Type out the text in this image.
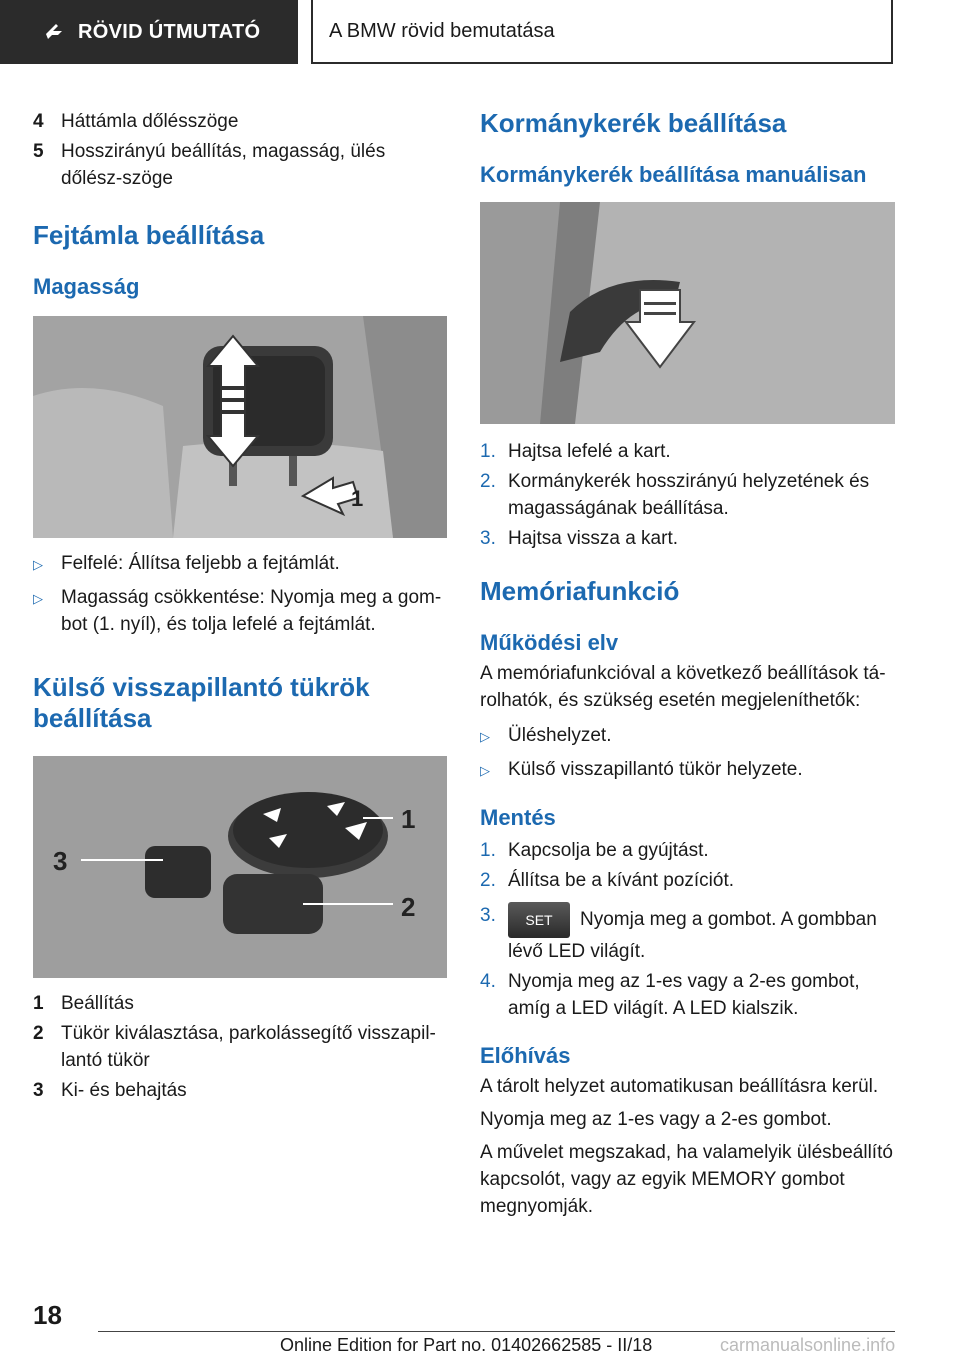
RÖVID ÚTMUTATÓ	A BMW rövid bemutatása
4 Háttámla dőlésszöge
5 Hosszirányú beállítás, magasság, ülés dőlész‐szöge
Fejtámla beállítása
Magasság
1
▷ Felfelé: Állítsa feljebb a fejtámlát.
▷ Magasság csökkentése: Nyomja meg a gom‐bot (1. nyíl), és tolja lefelé a fejtámlát.
Külső visszapillantó tükrök beállítása
1
2
3
1 Beállítás
2 Tükör kiválasztása, parkolássegítő visszapil‐lantó tükör
3 Ki- és behajtás
Kormánykerék beállítása
Kormánykerék beállítása manuálisan
1. Hajtsa lefelé a kart.
2. Kormánykerék hosszirányú helyzetének és magasságának beállítása.
3. Hajtsa vissza a kart.
Memóriafunkció
Működési elv

A memóriafunkcióval a következő beállítások tá‐rolhatók, és szükség esetén megjeleníthetők:

▷ Üléshelyzet.
▷ Külső visszapillantó tükör helyzete.
Mentés
1. Kapcsolja be a gyújtást.
2. Állítsa be a kívánt pozíciót.
3.	SET Nyomja meg a gombot. A gombban lévő LED világít.
4. Nyomja meg az 1-es vagy a 2-es gombot, amíg a LED világít. A LED kialszik.
Előhívás

A tárolt helyzet automatikusan beállításra kerül.

Nyomja meg az 1-es vagy a 2-es gombot.

A művelet megszakad, ha valamelyik ülésbeállító kapcsolót, vagy az egyik MEMORY gombot megnyomják.

18
Online Edition for Part no. 01402662585 - II/18	carmanualsonline.info
